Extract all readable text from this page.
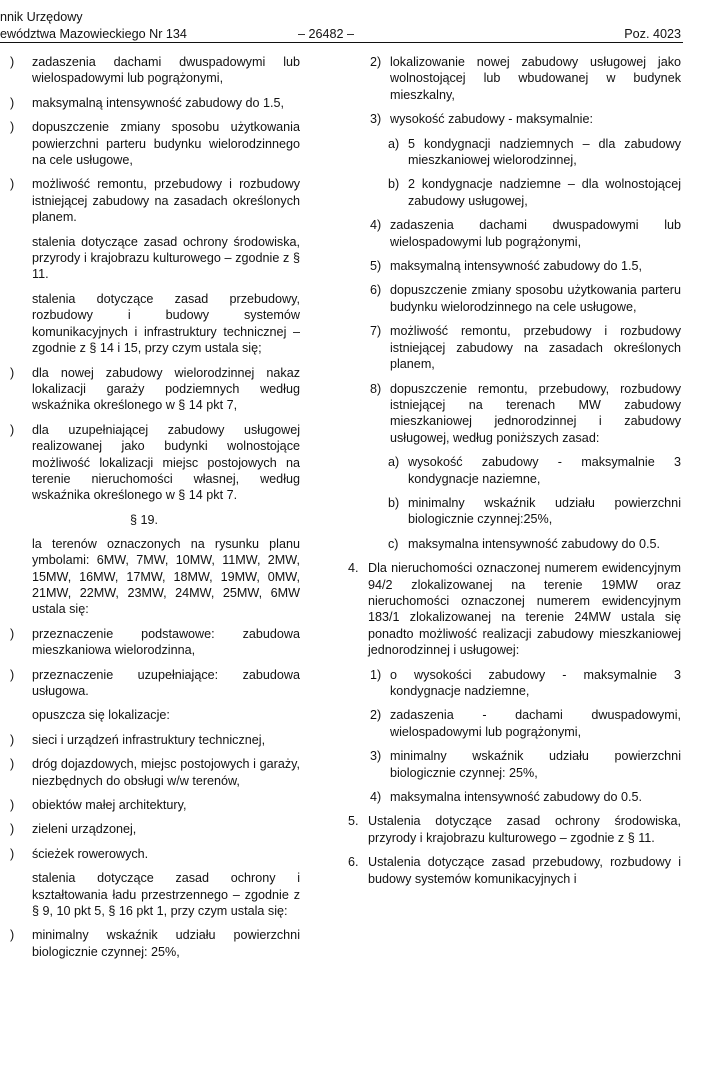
nnik Urzędowy
ewództwa Mazowieckiego Nr 134	– 26482 –	Poz. 4023
) zadaszenia dachami dwuspadowymi lub wielospadowymi lub pogrążonymi,
) maksymalną intensywność zabudowy do 1.5,
) dopuszczenie zmiany sposobu użytkowania powierzchni parteru budynku wielorodzinnego na cele usługowe,
) możliwość remontu, przebudowy i rozbudowy istniejącej zabudowy na zasadach określonych planem.
stalenia dotyczące zasad ochrony środowiska, przyrody i krajobrazu kulturowego – zgodnie z § 11.
stalenia dotyczące zasad przebudowy, rozbudowy i budowy systemów komunikacyjnych i infrastruktury technicznej – zgodnie z § 14 i 15, przy czym ustala się;
) dla nowej zabudowy wielorodzinnej nakaz lokalizacji garaży podziemnych według wskaźnika określonego w § 14 pkt 7,
) dla uzupełniającej zabudowy usługowej realizowanej jako budynki wolnostojące możliwość lokalizacji miejsc postojowych na terenie nieruchomości własnej, według wskaźnika określonego w § 14 pkt 7.
§ 19.
la terenów oznaczonych na rysunku planu ymbolami: 6MW, 7MW, 10MW, 11MW, 2MW, 15MW, 16MW, 17MW, 18MW, 19MW, 0MW, 21MW, 22MW, 23MW, 24MW, 25MW, 6MW ustala się:
) przeznaczenie podstawowe: zabudowa mieszkaniowa wielorodzinna,
) przeznaczenie uzupełniające: zabudowa usługowa.
opuszcza się lokalizacje:
) sieci i urządzeń infrastruktury technicznej,
) dróg dojazdowych, miejsc postojowych i garaży, niezbędnych do obsługi w/w terenów,
) obiektów małej architektury,
) zieleni urządzonej,
) ścieżek rowerowych.
stalenia dotyczące zasad ochrony i kształtowania ładu przestrzennego – zgodnie z § 9, 10 pkt 5, § 16 pkt 1, przy czym ustala się:
) minimalny wskaźnik udziału powierzchni biologicznie czynnej: 25%,
2) lokalizowanie nowej zabudowy usługowej jako wolnostojącej lub wbudowanej w budynek mieszkalny,
3) wysokość zabudowy - maksymalnie:
a) 5 kondygnacji nadziemnych – dla zabudowy mieszkaniowej wielorodzinnej,
b) 2 kondygnacje nadziemne – dla wolnostojącej zabudowy usługowej,
4) zadaszenia dachami dwuspadowymi lub wielospadowymi lub pogrążonymi,
5) maksymalną intensywność zabudowy do 1.5,
6) dopuszczenie zmiany sposobu użytkowania parteru budynku wielorodzinnego na cele usługowe,
7) możliwość remontu, przebudowy i rozbudowy istniejącej zabudowy na zasadach określonych planem,
8) dopuszczenie remontu, przebudowy, rozbudowy istniejącej na terenach MW zabudowy mieszkaniowej jednorodzinnej i zabudowy usługowej, według poniższych zasad:
a) wysokość zabudowy - maksymalnie 3 kondygnacje naziemne,
b) minimalny wskaźnik udziału powierzchni biologicznie czynnej:25%,
c) maksymalna intensywność zabudowy do 0.5.
4. Dla nieruchomości oznaczonej numerem ewidencyjnym 94/2 zlokalizowanej na terenie 19MW oraz nieruchomości oznaczonej numerem ewidencyjnym 183/1 zlokalizowanej na terenie 24MW ustala się ponadto możliwość realizacji zabudowy mieszkaniowej jednorodzinnej i usługowej:
1) o wysokości zabudowy - maksymalnie 3 kondygnacje nadziemne,
2) zadaszenia - dachami dwuspadowymi, wielospadowymi lub pogrążonymi,
3) minimalny wskaźnik udziału powierzchni biologicznie czynnej: 25%,
4) maksymalna intensywność zabudowy do 0.5.
5. Ustalenia dotyczące zasad ochrony środowiska, przyrody i krajobrazu kulturowego – zgodnie z § 11.
6. Ustalenia dotyczące zasad przebudowy, rozbudowy i budowy systemów komunikacyjnych i
